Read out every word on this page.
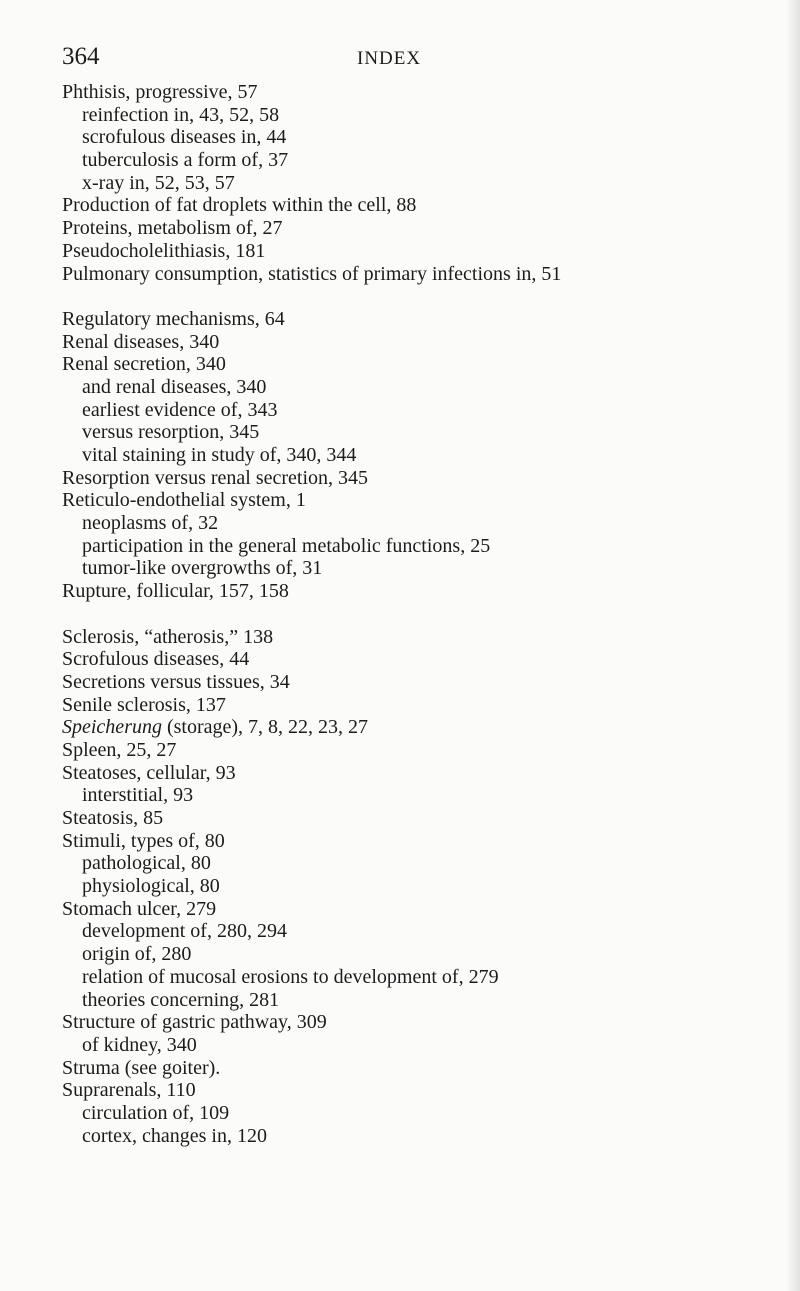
364	INDEX
Phthisis, progressive, 57
reinfection in, 43, 52, 58
scrofulous diseases in, 44
tuberculosis a form of, 37
x-ray in, 52, 53, 57
Production of fat droplets within the cell, 88
Proteins, metabolism of, 27
Pseudocholelithiasis, 181
Pulmonary consumption, statistics of primary infections in, 51
Regulatory mechanisms, 64
Renal diseases, 340
Renal secretion, 340
and renal diseases, 340
earliest evidence of, 343
versus resorption, 345
vital staining in study of, 340, 344
Resorption versus renal secretion, 345
Reticulo-endothelial system, 1
neoplasms of, 32
participation in the general metabolic functions, 25
tumor-like overgrowths of, 31
Rupture, follicular, 157, 158
Sclerosis, “atherosis,” 138
Scrofulous diseases, 44
Secretions versus tissues, 34
Senile sclerosis, 137
Speicherung (storage), 7, 8, 22, 23, 27
Spleen, 25, 27
Steatoses, cellular, 93
interstitial, 93
Steatosis, 85
Stimuli, types of, 80
pathological, 80
physiological, 80
Stomach ulcer, 279
development of, 280, 294
origin of, 280
relation of mucosal erosions to development of, 279
theories concerning, 281
Structure of gastric pathway, 309
of kidney, 340
Struma (see goiter).
Suprarenals, 110
circulation of, 109
cortex, changes in, 120
